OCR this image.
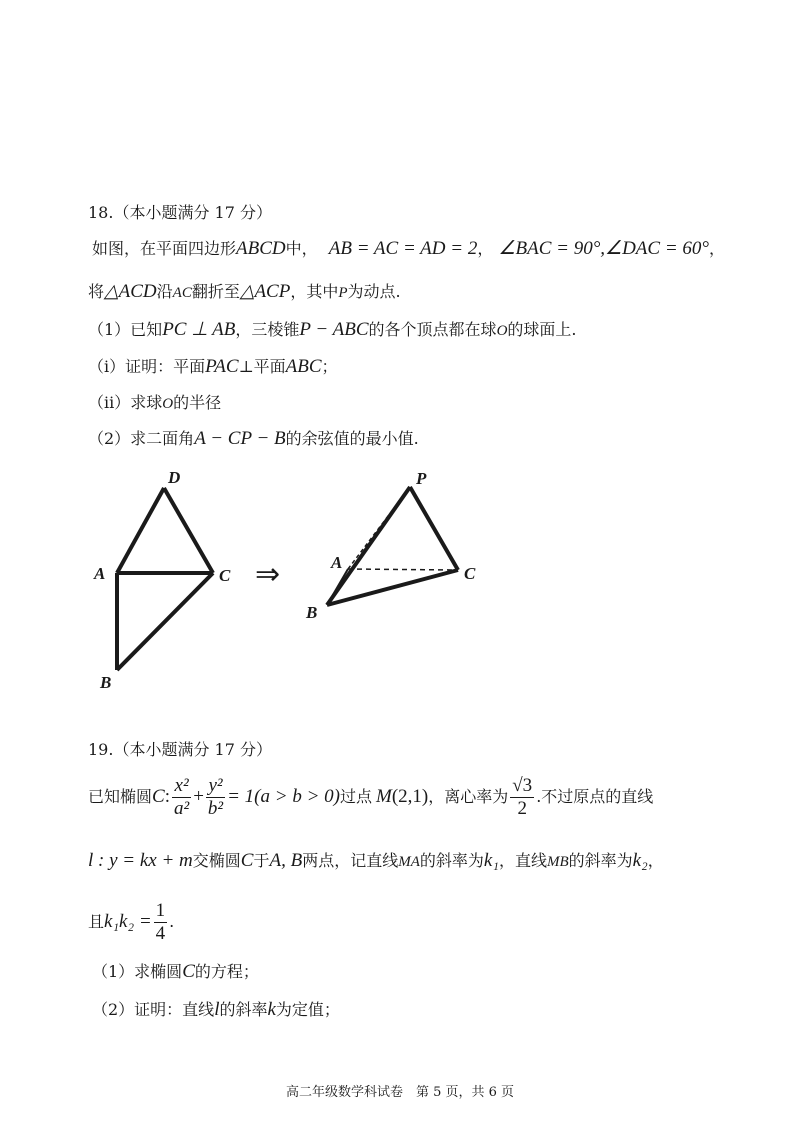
18.（本小题满分 17 分）
如图，在平面四边形ABCD中， AB = AC = AD = 2， ∠BAC = 90°,∠DAC = 60°，
将△ACD沿AC翻折至△ACP，其中P为动点.
（1）已知PC ⊥ AB，三棱锥P − ABC的各个顶点都在球O的球面上.
（i）证明：平面PAC⊥平面ABC；
（ii）求球O的半径
（2）求二面角A − CP − B的余弦值的最小值.
D
A	C
B
⇒
P
A
C
B
19.（本小题满分 17 分）
已知椭圆C: $\frac{\text{x²}}{\text{a²}} + \frac{\text{y²}}{\text{b²}} = 1(a > b > 0)$过点 M(2,1)，离心率为 $\frac{√3}{2}$ .不过原点的直线
l : y = kx + m交椭圆C于A, B两点，记直线MA的斜率为k₁，直线MB的斜率为k₂，
且$k_1k_2 = \frac{1}{4}$ .
（1）求椭圆C的方程；
（2）证明：直线l的斜率k为定值；
高二年级数学科试卷　第 5 页，共 6 页
